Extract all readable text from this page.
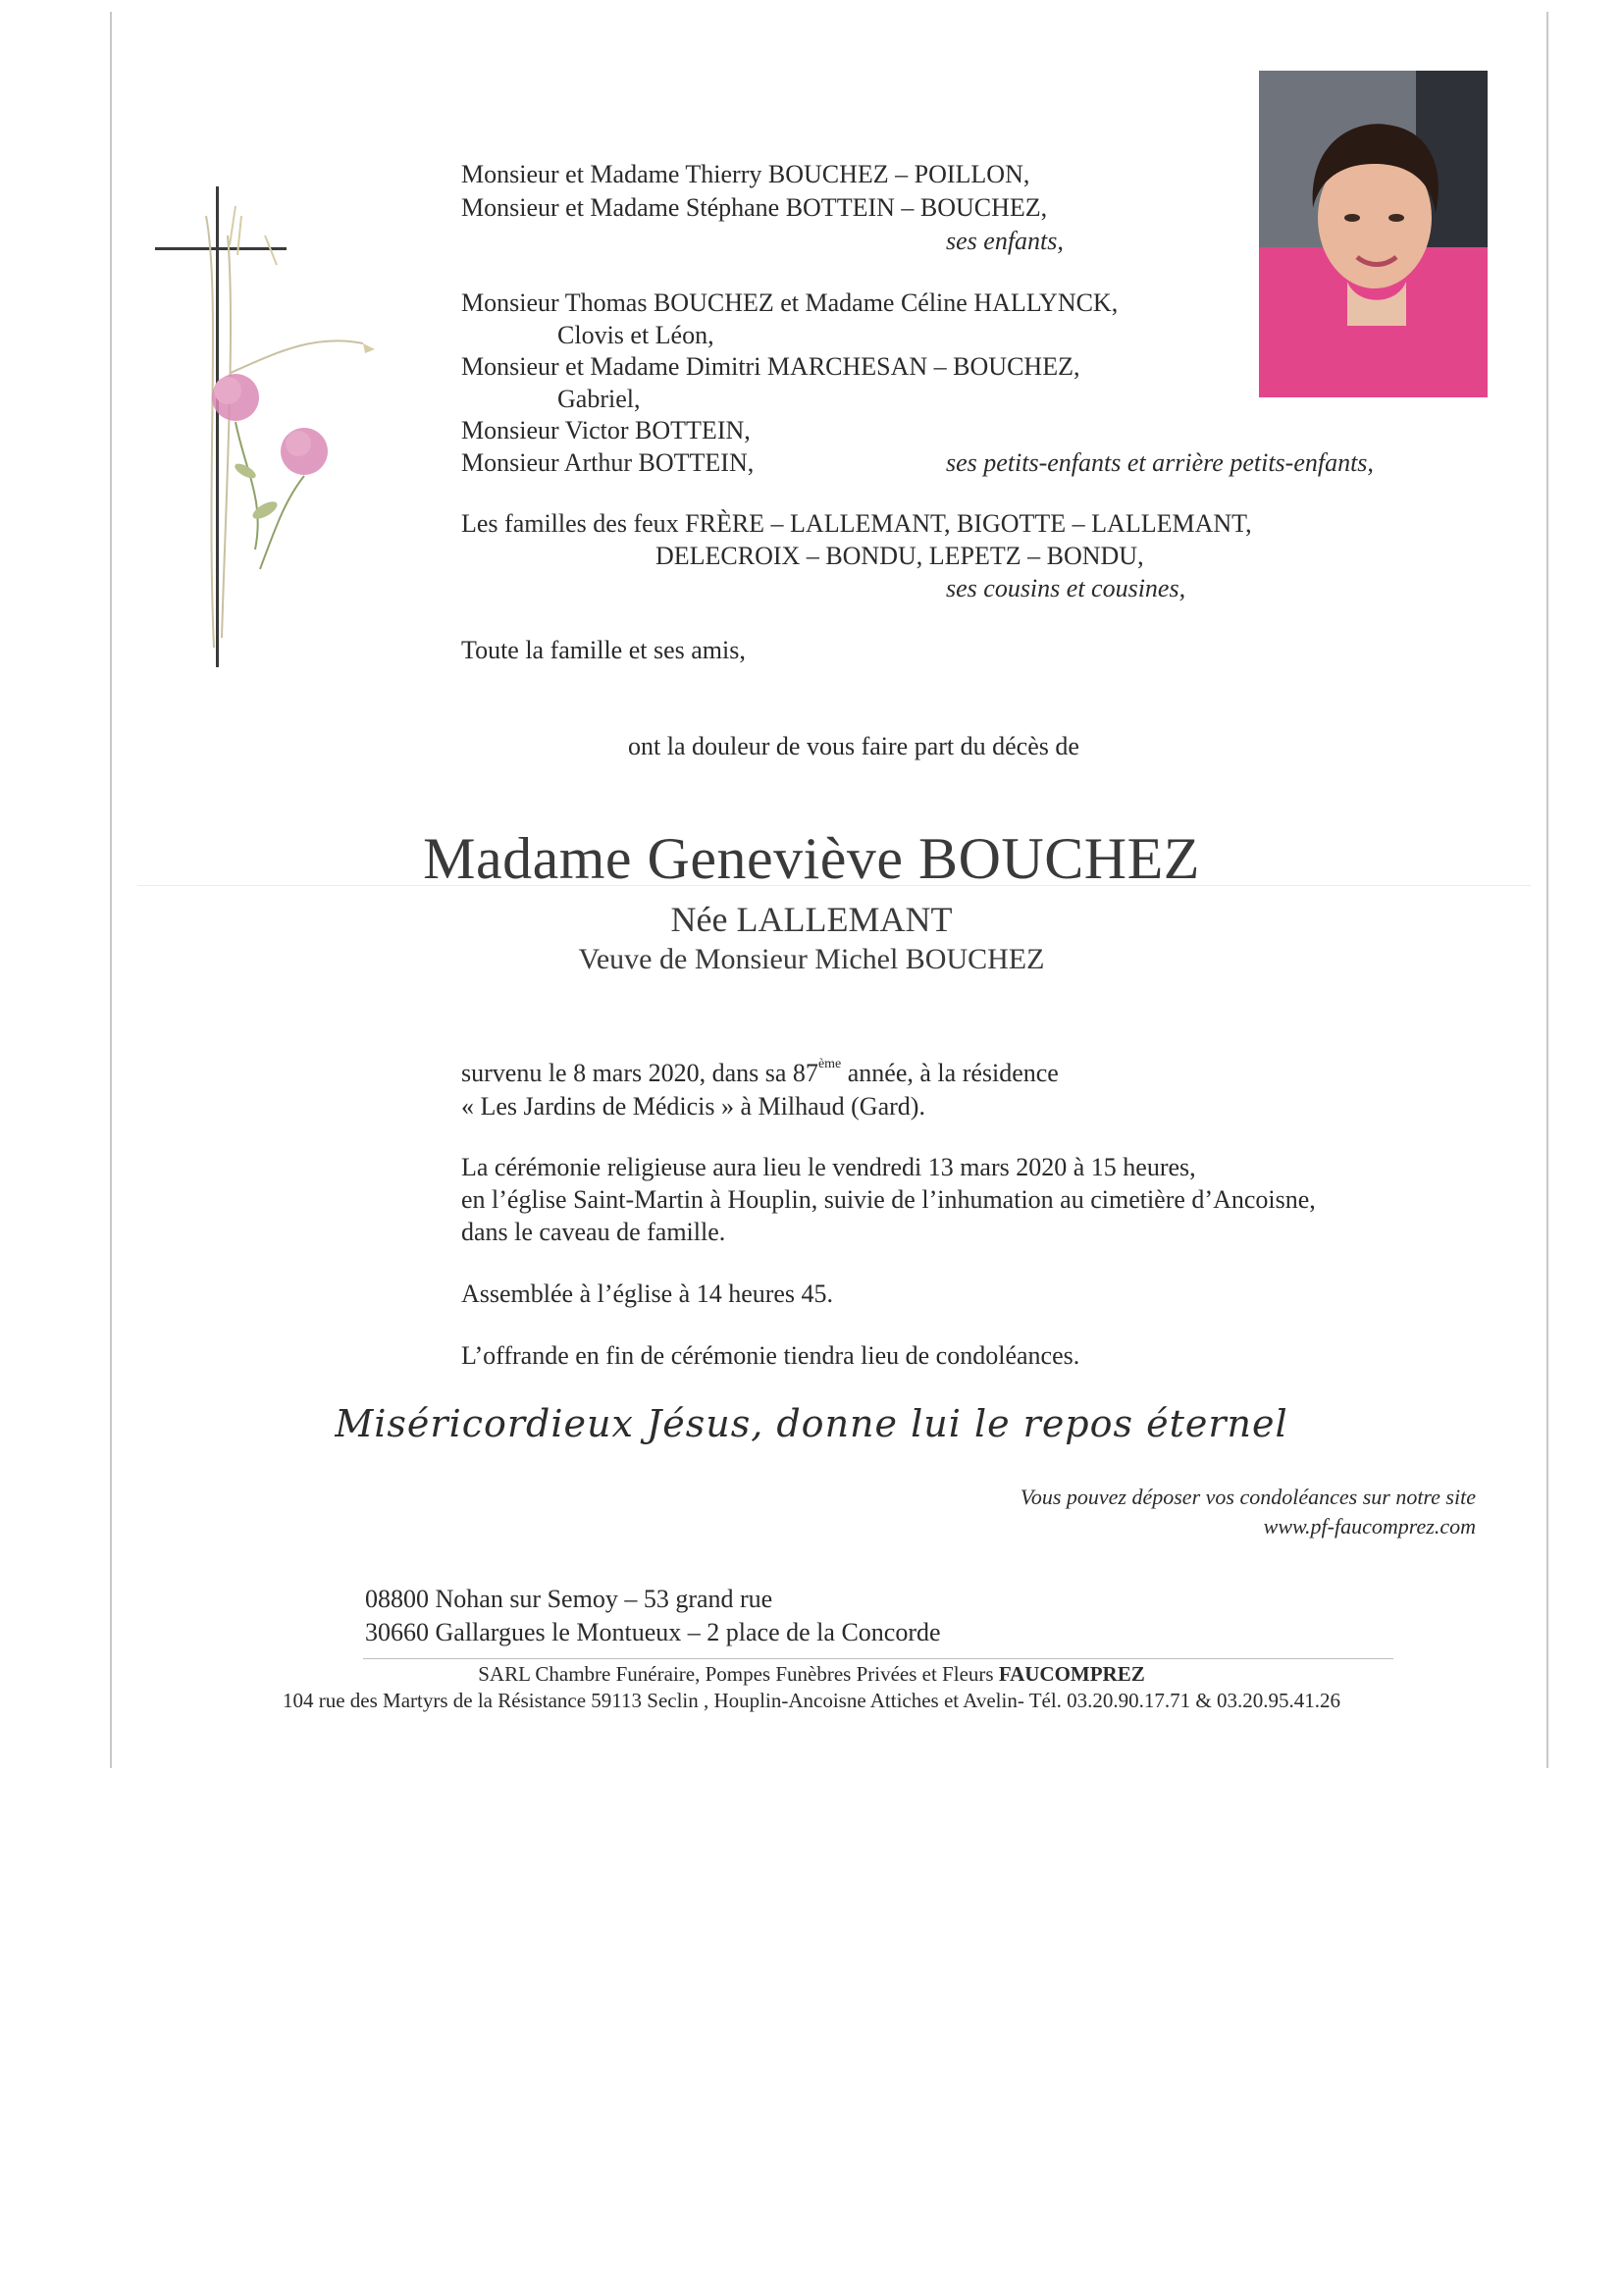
Monsieur et Madame Thierry BOUCHEZ – POILLON,
Monsieur et Madame Stéphane BOTTEIN – BOUCHEZ,
ses enfants,
Monsieur Thomas BOUCHEZ et Madame Céline HALLYNCK,
Clovis et Léon,
Monsieur et Madame Dimitri MARCHESAN – BOUCHEZ,
Gabriel,
Monsieur Victor BOTTEIN,
Monsieur Arthur BOTTEIN,	ses petits-enfants et arrière petits-enfants,
Les familles des feux FRÈRE – LALLEMANT, BIGOTTE – LALLEMANT,
DELECROIX – BONDU, LEPETZ – BONDU,
ses cousins et cousines,
Toute la famille et ses amis,
ont la douleur de vous faire part du décès de
Madame Geneviève BOUCHEZ
Née LALLEMANT
Veuve de Monsieur Michel BOUCHEZ
survenu le 8 mars 2020, dans sa 87ème année, à la résidence
« Les Jardins de Médicis » à Milhaud (Gard).
La cérémonie religieuse aura lieu le vendredi 13 mars 2020 à 15 heures,
en l’église Saint-Martin à Houplin, suivie de l’inhumation au cimetière d’Ancoisne,
dans le caveau de famille.
Assemblée à l’église à 14 heures 45.
L’offrande en fin de cérémonie tiendra lieu de condoléances.
Miséricordieux Jésus, donne lui le repos éternel
Vous pouvez déposer vos condoléances sur notre site
www.pf-faucomprez.com
08800 Nohan sur Semoy – 53 grand rue
30660 Gallargues le Montueux – 2 place de la Concorde
SARL Chambre Funéraire, Pompes Funèbres Privées et Fleurs FAUCOMPREZ
104 rue des Martyrs de la Résistance 59113 Seclin , Houplin-Ancoisne Attiches et Avelin- Tél. 03.20.90.17.71 & 03.20.95.41.26
